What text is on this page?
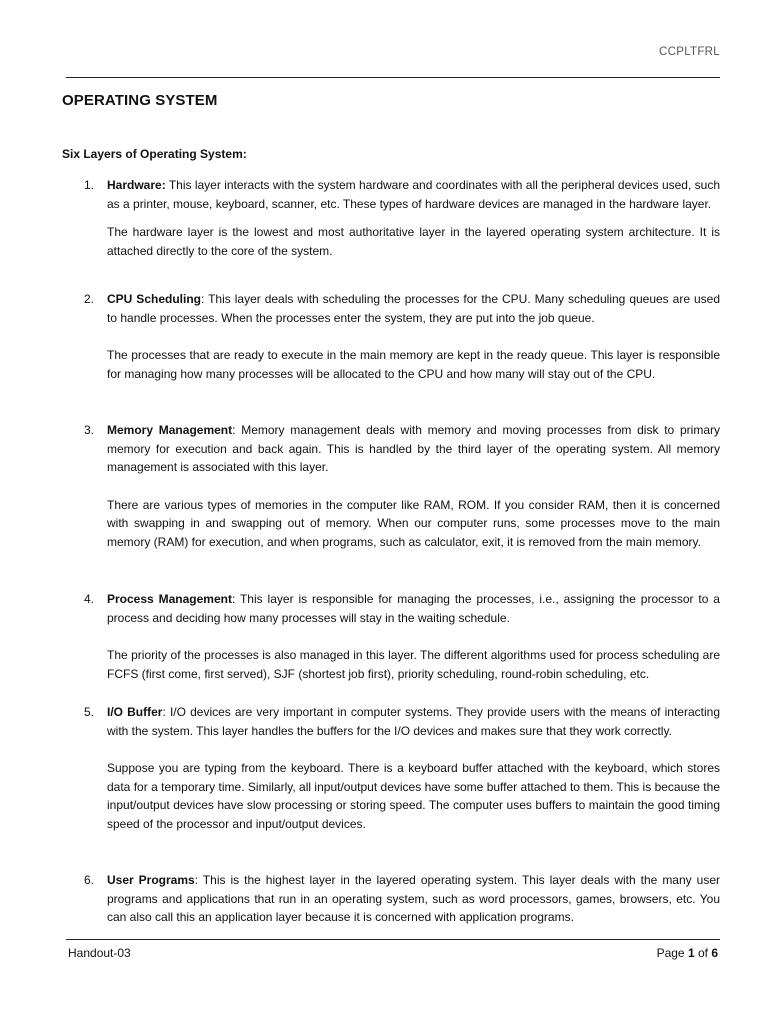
CCPLTFRL
OPERATING SYSTEM
Six Layers of Operating System:
1.	Hardware: This layer interacts with the system hardware and coordinates with all the peripheral devices used, such as a printer, mouse, keyboard, scanner, etc. These types of hardware devices are managed in the hardware layer.

The hardware layer is the lowest and most authoritative layer in the layered operating system architecture. It is attached directly to the core of the system.

2.	CPU Scheduling: This layer deals with scheduling the processes for the CPU. Many scheduling queues are used to handle processes. When the processes enter the system, they are put into the job queue.

The processes that are ready to execute in the main memory are kept in the ready queue. This layer is responsible for managing how many processes will be allocated to the CPU and how many will stay out of the CPU.

3.	Memory Management: Memory management deals with memory and moving processes from disk to primary memory for execution and back again. This is handled by the third layer of the operating system. All memory management is associated with this layer.

There are various types of memories in the computer like RAM, ROM. If you consider RAM, then it is concerned with swapping in and swapping out of memory. When our computer runs, some processes move to the main memory (RAM) for execution, and when programs, such as calculator, exit, it is removed from the main memory.

4.	Process Management: This layer is responsible for managing the processes, i.e., assigning the processor to a process and deciding how many processes will stay in the waiting schedule.

The priority of the processes is also managed in this layer. The different algorithms used for process scheduling are FCFS (first come, first served), SJF (shortest job first), priority scheduling, round-robin scheduling, etc.

5.	I/O Buffer: I/O devices are very important in computer systems. They provide users with the means of interacting with the system. This layer handles the buffers for the I/O devices and makes sure that they work correctly.

Suppose you are typing from the keyboard. There is a keyboard buffer attached with the keyboard, which stores data for a temporary time. Similarly, all input/output devices have some buffer attached to them. This is because the input/output devices have slow processing or storing speed. The computer uses buffers to maintain the good timing speed of the processor and input/output devices.

6.	User Programs: This is the highest layer in the layered operating system. This layer deals with the many user programs and applications that run in an operating system, such as word processors, games, browsers, etc. You can also call this an application layer because it is concerned with application programs.

Handout-03	Page 1 of 6
